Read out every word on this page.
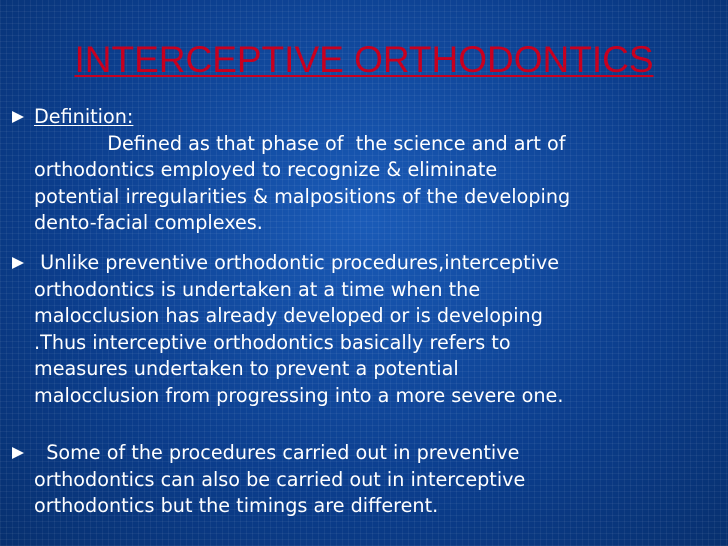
INTERCEPTIVE ORTHODONTICS
Definition:
Defined as that phase of  the science and art of
orthodontics employed to recognize & eliminate
potential irregularities & malpositions of the developing
dento-facial complexes.
Unlike preventive orthodontic procedures,interceptive
orthodontics is undertaken at a time when the
malocclusion has already developed or is developing
.Thus interceptive orthodontics basically refers to
measures undertaken to prevent a potential
malocclusion from progressing into a more severe one.
Some of the procedures carried out in preventive
orthodontics can also be carried out in interceptive
orthodontics but the timings are different.
